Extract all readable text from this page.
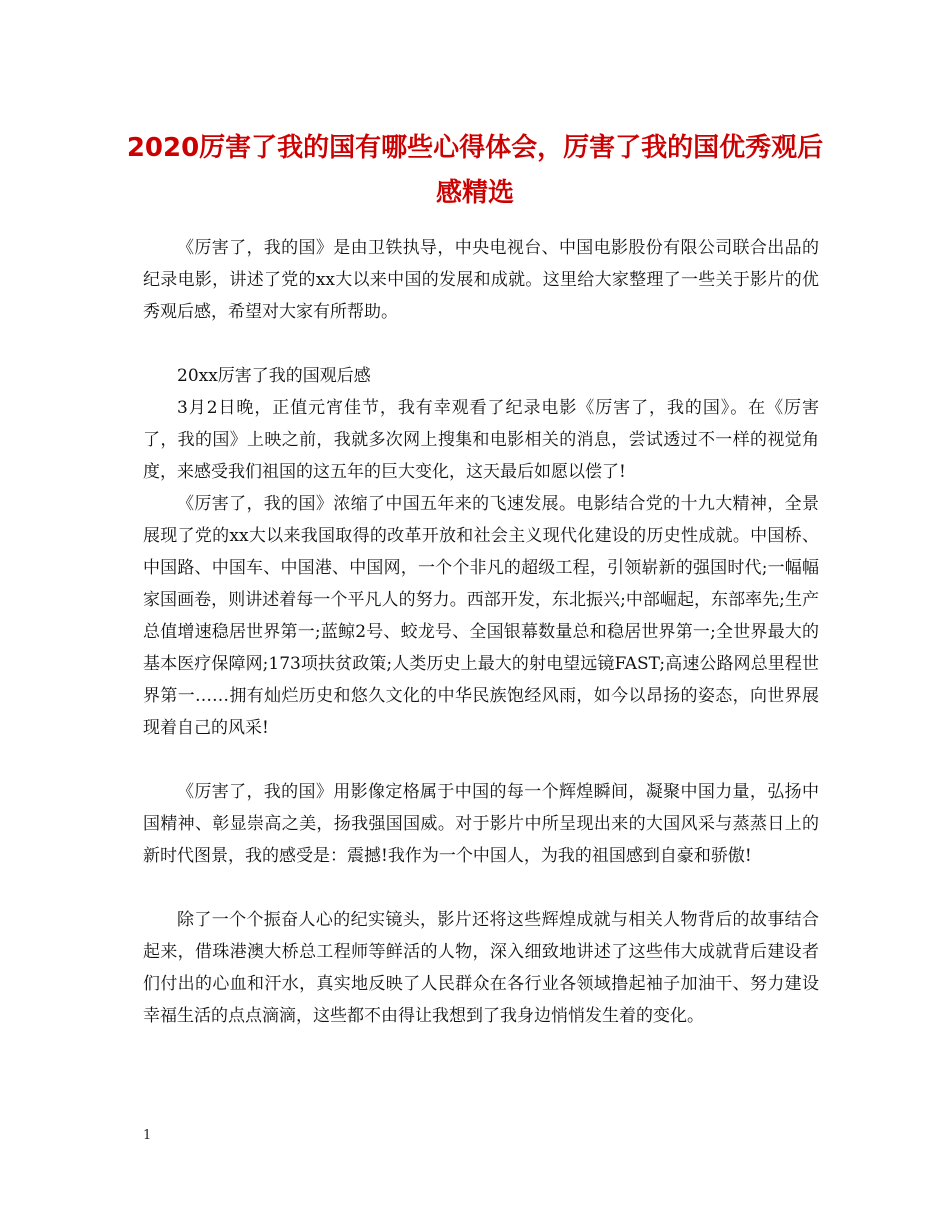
2020厉害了我的国有哪些心得体会，厉害了我的国优秀观后
感精选

《厉害了，我的国》是由卫铁执导，中央电视台、中国电影股份有限公司联合出品的纪录电影，讲述了党的xx大以来中国的发展和成就。这里给大家整理了一些关于影片的优秀观后感，希望对大家有所帮助。

20xx厉害了我的国观后感

3月2日晚，正值元宵佳节，我有幸观看了纪录电影《厉害了，我的国》。在《厉害了，我的国》上映之前，我就多次网上搜集和电影相关的消息，尝试透过不一样的视觉角度，来感受我们祖国的这五年的巨大变化，这天最后如愿以偿了!

《厉害了，我的国》浓缩了中国五年来的飞速发展。电影结合党的十九大精神，全景展现了党的xx大以来我国取得的改革开放和社会主义现代化建设的历史性成就。中国桥、中国路、中国车、中国港、中国网，一个个非凡的超级工程，引领崭新的强国时代;一幅幅家国画卷，则讲述着每一个平凡人的努力。西部开发，东北振兴;中部崛起，东部率先;生产总值增速稳居世界第一;蓝鲸2号、蛟龙号、全国银幕数量总和稳居世界第一;全世界最大的基本医疗保障网;173项扶贫政策;人类历史上最大的射电望远镜FAST;高速公路网总里程世界第一……拥有灿烂历史和悠久文化的中华民族饱经风雨，如今以昂扬的姿态，向世界展现着自己的风采!

《厉害了，我的国》用影像定格属于中国的每一个辉煌瞬间，凝聚中国力量，弘扬中国精神、彰显崇高之美，扬我强国国威。对于影片中所呈现出来的大国风采与蒸蒸日上的新时代图景，我的感受是：震撼!我作为一个中国人，为我的祖国感到自豪和骄傲!

除了一个个振奋人心的纪实镜头，影片还将这些辉煌成就与相关人物背后的故事结合起来，借珠港澳大桥总工程师等鲜活的人物，深入细致地讲述了这些伟大成就背后建设者们付出的心血和汗水，真实地反映了人民群众在各行业各领域撸起袖子加油干、努力建设幸福生活的点点滴滴，这些都不由得让我想到了我身边悄悄发生着的变化。

1
